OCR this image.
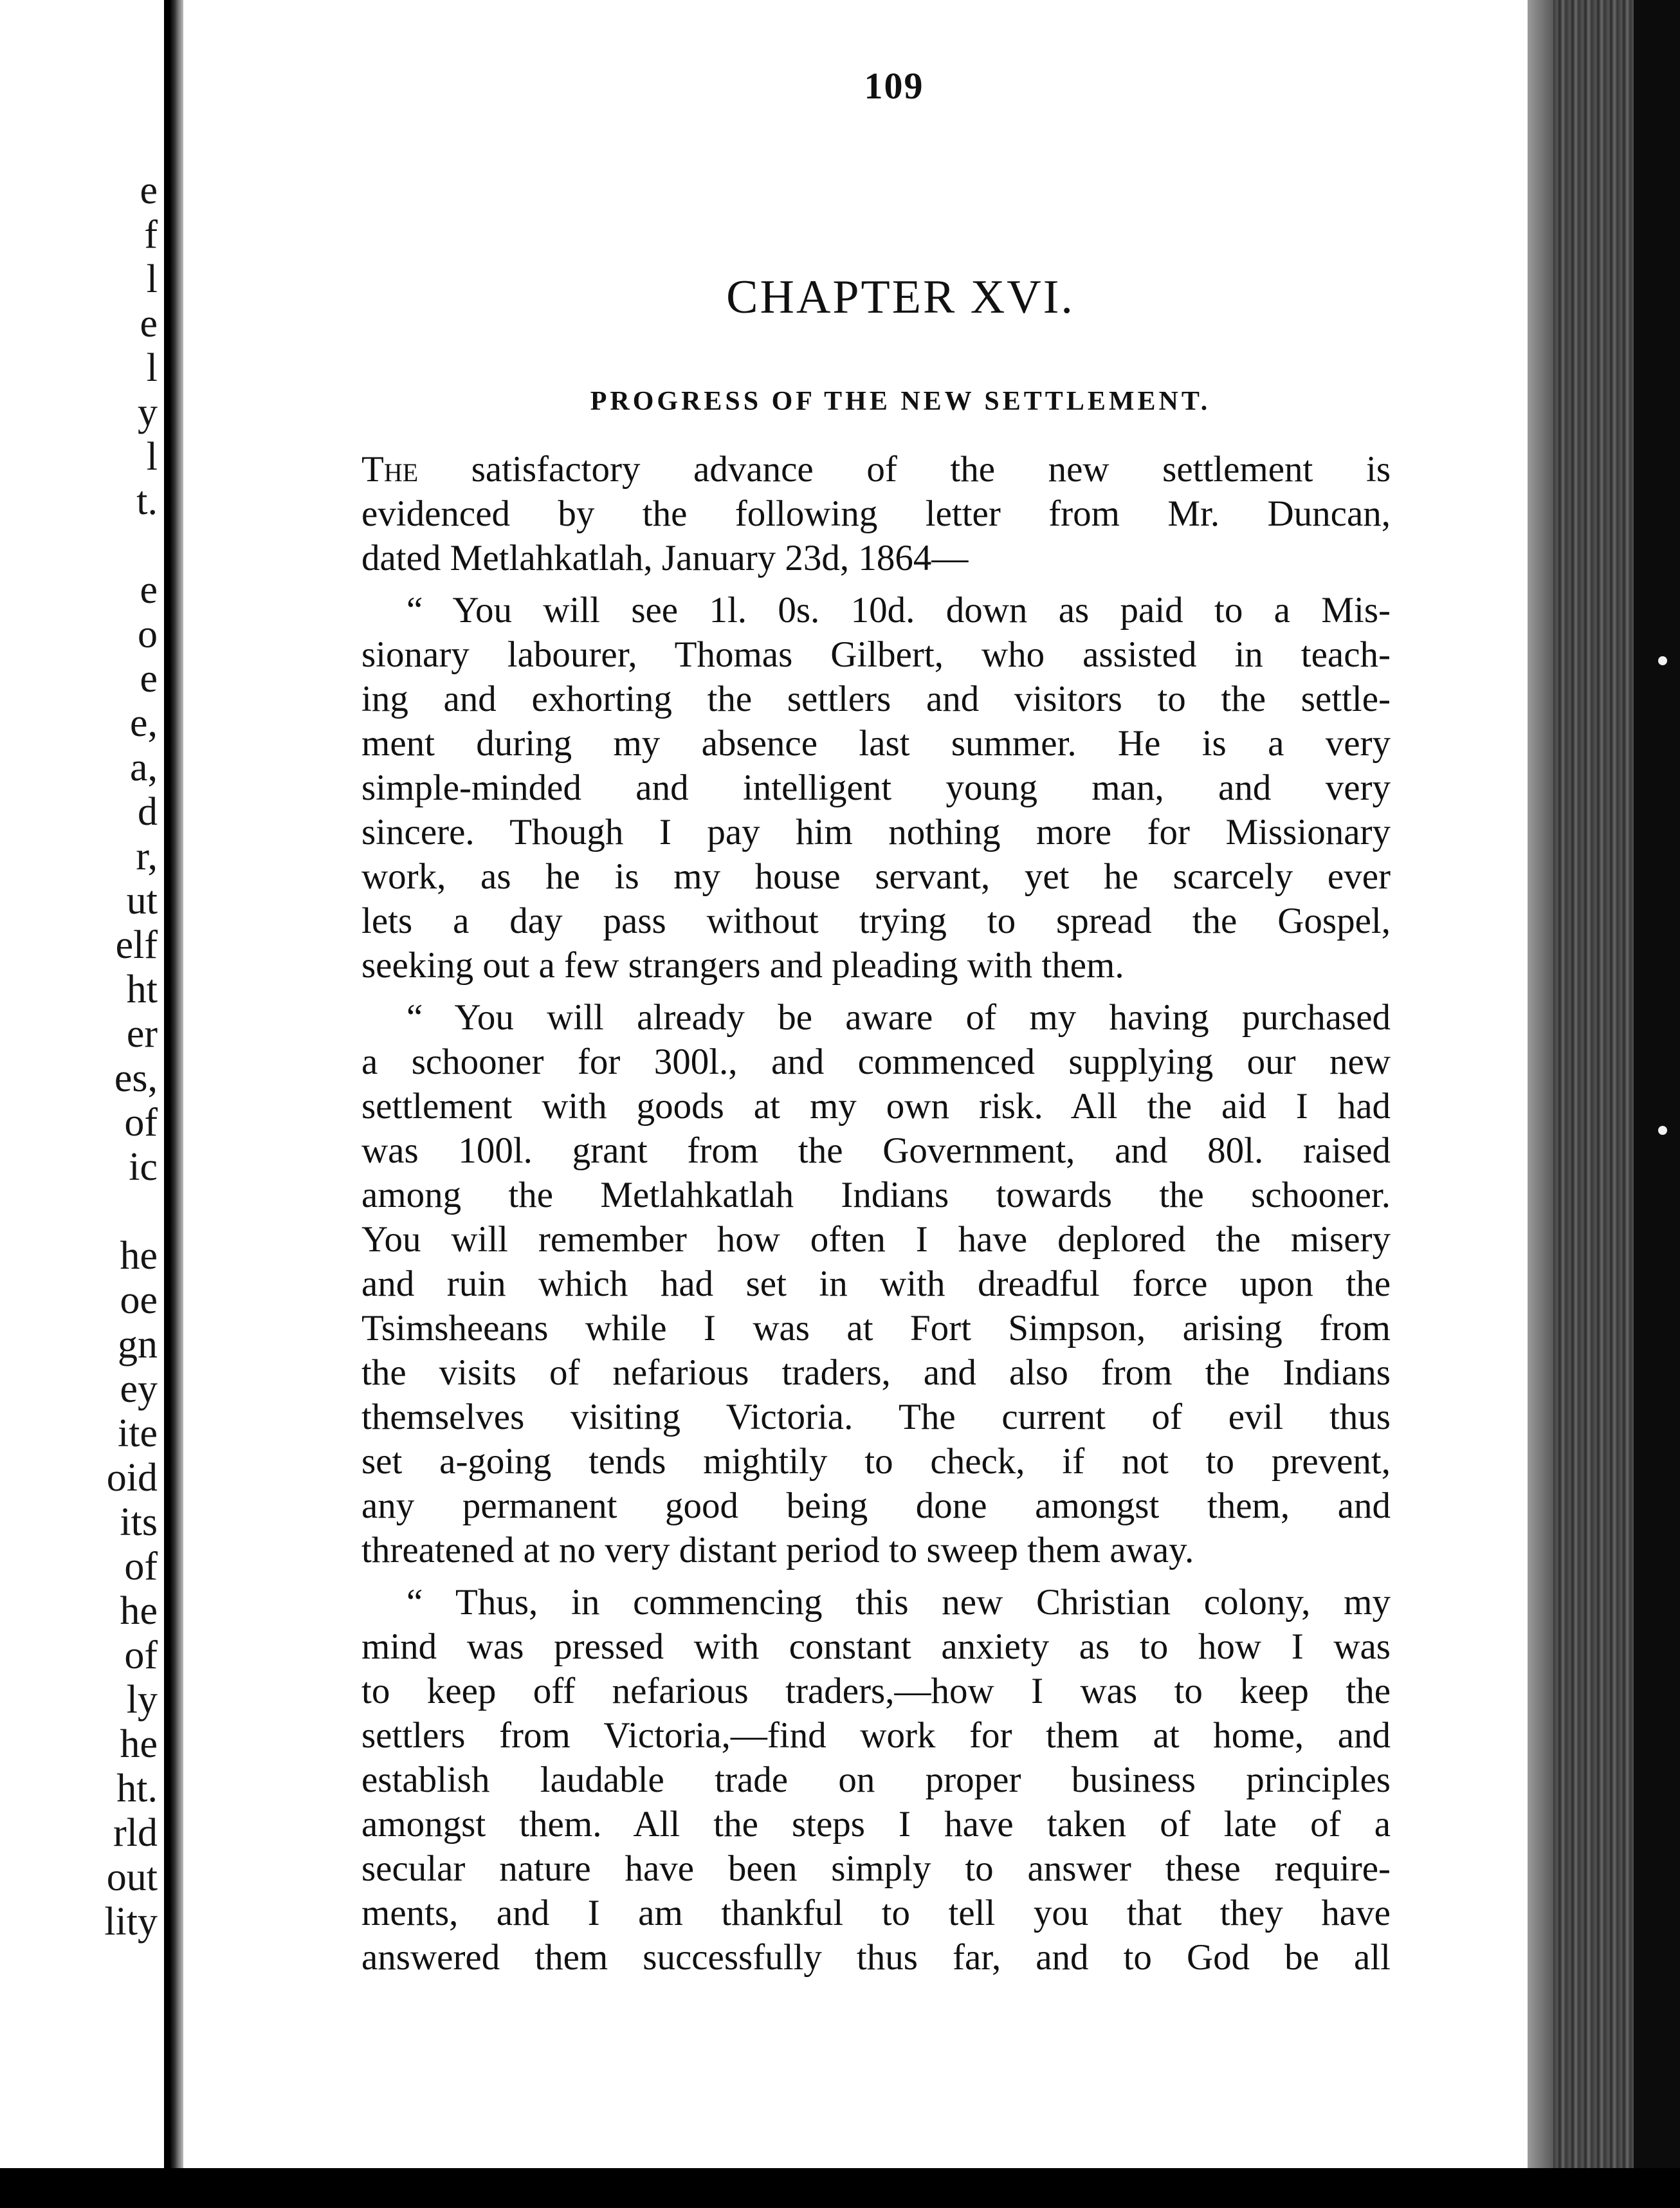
e
f
l
e
l
y
l
t.
e
o
e
e,
a,
d
r,
ut
elf
ht
er
es,
of
ic
he
oe
gn
ey
ite
oid
its
of
he
of
ly
he
ht.
rld
out
lity
109
CHAPTER XVI.
PROGRESS OF THE NEW SETTLEMENT.
The satisfactory advance of the new settlement is
evidenced by the following letter from Mr. Duncan,
dated Metlahkatlah, January 23d, 1864—
“ You will see 1l. 0s. 10d. down as paid to a Mis-
sionary labourer, Thomas Gilbert, who assisted in teach-
ing and exhorting the settlers and visitors to the settle-
ment during my absence last summer. He is a very
simple-minded and intelligent young man, and very
sincere. Though I pay him nothing more for Missionary
work, as he is my house servant, yet he scarcely ever
lets a day pass without trying to spread the Gospel,
seeking out a few strangers and pleading with them.
“ You will already be aware of my having purchased
a schooner for 300l., and commenced supplying our new
settlement with goods at my own risk. All the aid I had
was 100l. grant from the Government, and 80l. raised
among the Metlahkatlah Indians towards the schooner.
You will remember how often I have deplored the misery
and ruin which had set in with dreadful force upon the
Tsimsheeans while I was at Fort Simpson, arising from
the visits of nefarious traders, and also from the Indians
themselves visiting Victoria. The current of evil thus
set a-going tends mightily to check, if not to prevent,
any permanent good being done amongst them, and
threatened at no very distant period to sweep them away.
“ Thus, in commencing this new Christian colony, my
mind was pressed with constant anxiety as to how I was
to keep off nefarious traders,—how I was to keep the
settlers from Victoria,—find work for them at home, and
establish laudable trade on proper business principles
amongst them. All the steps I have taken of late of a
secular nature have been simply to answer these require-
ments, and I am thankful to tell you that they have
answered them successfully thus far, and to God be all
